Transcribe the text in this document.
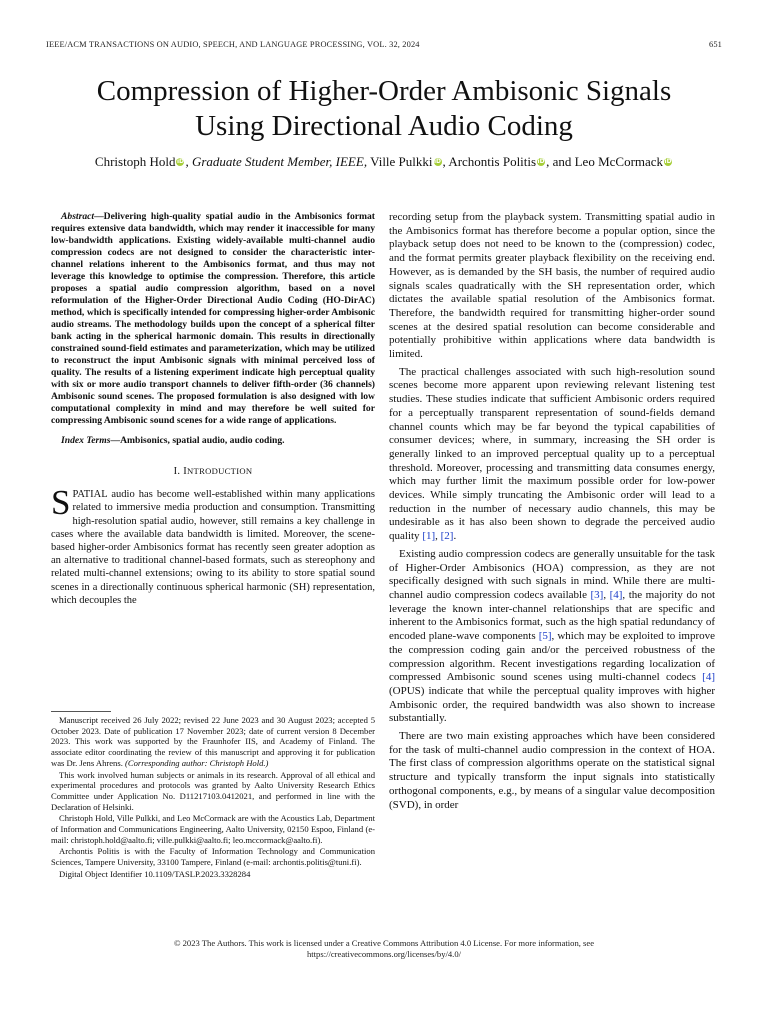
IEEE/ACM TRANSACTIONS ON AUDIO, SPEECH, AND LANGUAGE PROCESSING, VOL. 32, 2024	651
Compression of Higher-Order Ambisonic Signals
Using Directional Audio Coding
Christoph HoldiD, Graduate Student Member, IEEE, Ville PulkkiiD, Archontis PolitisiD, and Leo McCormackiD

Abstract—Delivering high-quality spatial audio in the Ambisonics format requires extensive data bandwidth, which may render it inaccessible for many low-bandwidth applications. Existing widely-available multi-channel audio compression codecs are not designed to consider the characteristic inter-channel relations inherent to the Ambisonics format, and thus may not leverage this knowledge to optimise the compression. Therefore, this article proposes a spatial audio compression algorithm, based on a novel reformulation of the Higher-Order Directional Audio Coding (HO-DirAC) method, which is specifically intended for compressing higher-order Ambisonic audio streams. The methodology builds upon the concept of a spherical filter bank acting in the spherical harmonic domain. This results in directionally constrained sound-field estimates and parameterization, which may be utilized to reconstruct the input Ambisonic signals with minimal perceived loss of quality. The results of a listening experiment indicate high perceptual quality with six or more audio transport channels to deliver fifth-order (36 channels) Ambisonic sound scenes. The proposed formulation is also designed with low computational complexity in mind and may therefore be well suited for compressing Ambisonic sound scenes for a wide range of applications.

Index Terms—Ambisonics, spatial audio, audio coding.

I. INTRODUCTION

SPATIAL audio has become well-established within many applications related to immersive media production and consumption. Transmitting high-resolution spatial audio, however, still remains a key challenge in cases where the available data bandwidth is limited. Moreover, the scene-based higher-order Ambisonics format has recently seen greater adoption as an alternative to traditional channel-based formats, such as stereophony and related multi-channel extensions; owing to its ability to store spatial sound scenes in a directionally continuous spherical harmonic (SH) representation, which decouples the

Manuscript received 26 July 2022; revised 22 June 2023 and 30 August 2023; accepted 5 October 2023. Date of publication 17 November 2023; date of current version 8 December 2023. This work was supported by the Fraunhofer IIS, and Academy of Finland. The associate editor coordinating the review of this manuscript and approving it for publication was Dr. Jens Ahrens. (Corresponding author: Christoph Hold.)

This work involved human subjects or animals in its research. Approval of all ethical and experimental procedures and protocols was granted by Aalto University Research Ethics Committee under Application No. D11217103.0412021, and performed in line with the Declaration of Helsinki.

Christoph Hold, Ville Pulkki, and Leo McCormack are with the Acoustics Lab, Department of Information and Communications Engineering, Aalto University, 02150 Espoo, Finland (e-mail: christoph.hold@aalto.fi; ville.pulkki@aalto.fi; leo.mccormack@aalto.fi).

Archontis Politis is with the Faculty of Information Technology and Communication Sciences, Tampere University, 33100 Tampere, Finland (e-mail: archontis.politis@tuni.fi).

Digital Object Identifier 10.1109/TASLP.2023.3328284

recording setup from the playback system. Transmitting spatial audio in the Ambisonics format has therefore become a popular option, since the playback setup does not need to be known to the (compression) codec, and the format permits greater playback flexibility on the receiving end. However, as is demanded by the SH basis, the number of required audio signals scales quadratically with the SH representation order, which dictates the available spatial resolution of the Ambisonics format. Therefore, the bandwidth required for transmitting higher-order sound scenes at the desired spatial resolution can become considerable and potentially prohibitive within applications where data bandwidth is limited.

The practical challenges associated with such high-resolution sound scenes become more apparent upon reviewing relevant listening test studies. These studies indicate that sufficient Ambisonic orders required for a perceptually transparent representation of sound-fields demand channel counts which may be far beyond the typical capabilities of consumer devices; where, in summary, increasing the SH order is generally linked to an improved perceptual quality up to a perceptual threshold. Moreover, processing and transmitting data consumes energy, which may further limit the maximum possible order for low-power devices. While simply truncating the Ambisonic order will lead to a reduction in the number of necessary audio channels, this may be undesirable as it has also been shown to degrade the perceived audio quality [1], [2].

Existing audio compression codecs are generally unsuitable for the task of Higher-Order Ambisonics (HOA) compression, as they are not specifically designed with such signals in mind. While there are multi-channel audio compression codecs available [3], [4], the majority do not leverage the known inter-channel relationships that are specific and inherent to the Ambisonics format, such as the high spatial redundancy of encoded plane-wave components [5], which may be exploited to improve the compression coding gain and/or the perceived robustness of the compression algorithm. Recent investigations regarding localization of compressed Ambisonic sound scenes using multi-channel codecs [4] (OPUS) indicate that while the perceptual quality improves with higher Ambisonic order, the required bandwidth was also shown to increase substantially.

There are two main existing approaches which have been considered for the task of multi-channel audio compression in the context of HOA. The first class of compression algorithms operate on the statistical signal structure and typically transform the input signals into statistically orthogonal components, e.g., by means of a singular value decomposition (SVD), in order

© 2023 The Authors. This work is licensed under a Creative Commons Attribution 4.0 License. For more information, see
https://creativecommons.org/licenses/by/4.0/
